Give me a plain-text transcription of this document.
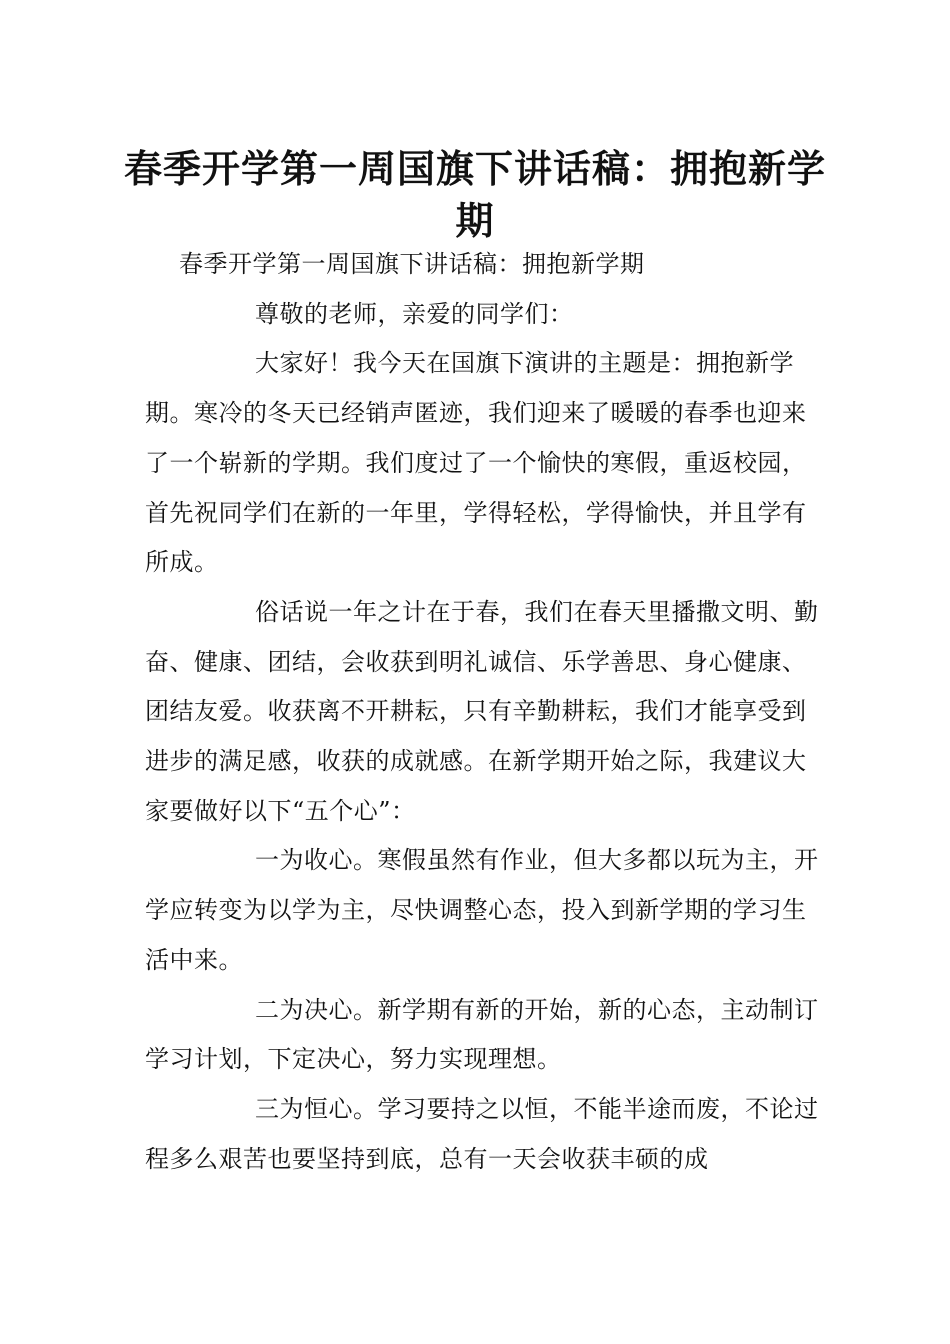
春季开学第一周国旗下讲话稿：拥抱新学期

春季开学第一周国旗下讲话稿：拥抱新学期

尊敬的老师，亲爱的同学们：

大家好！我今天在国旗下演讲的主题是：拥抱新学期。寒冷的冬天已经销声匿迹，我们迎来了暖暖的春季也迎来了一个崭新的学期。我们度过了一个愉快的寒假，重返校园，首先祝同学们在新的一年里，学得轻松，学得愉快，并且学有所成。

俗话说一年之计在于春，我们在春天里播撒文明、勤奋、健康、团结，会收获到明礼诚信、乐学善思、身心健康、团结友爱。收获离不开耕耘，只有辛勤耕耘，我们才能享受到进步的满足感，收获的成就感。在新学期开始之际，我建议大家要做好以下“五个心”：

一为收心。寒假虽然有作业，但大多都以玩为主，开学应转变为以学为主，尽快调整心态，投入到新学期的学习生活中来。

二为决心。新学期有新的开始，新的心态，主动制订学习计划，下定决心，努力实现理想。

三为恒心。学习要持之以恒，不能半途而废，不论过程多么艰苦也要坚持到底，总有一天会收获丰硕的成
